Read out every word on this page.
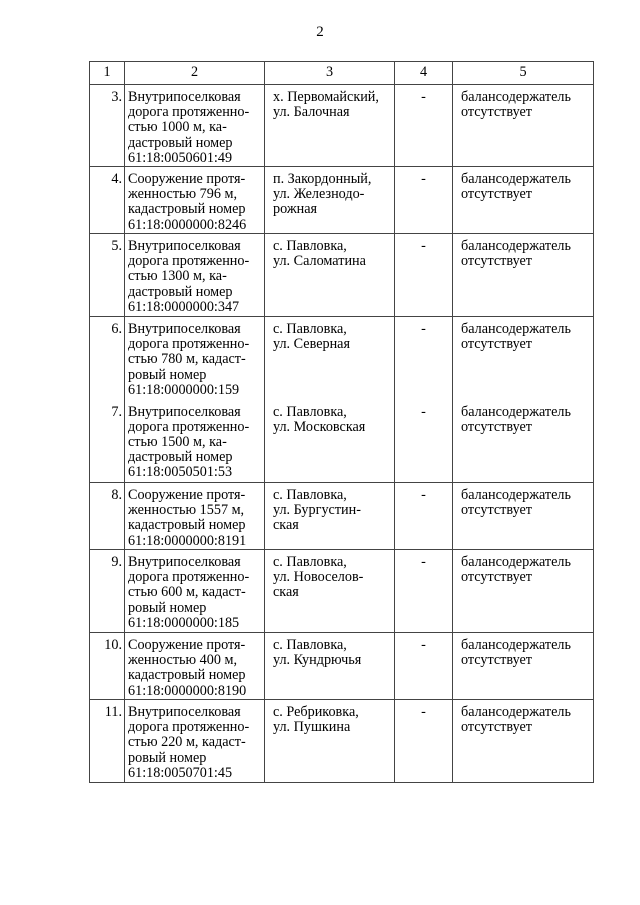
2
1	2	3	4	5
3.	Внутрипоселковая
дорога протяженно-
стью 1000 м, ка-
дастровый номер
61:18:0050601:49	х. Первомайский,
ул. Балочная	-	балансодержатель
отсутствует

4.	Сооружение протя-
женностью 796 м,
кадастровый номер
61:18:0000000:8246	п. Закордонный,
ул. Железнодо-
рожная	-	балансодержатель
отсутствует

5.	Внутрипоселковая
дорога протяженно-
стью 1300 м, ка-
дастровый номер
61:18:0000000:347	с. Павловка,
ул. Саломатина	-	балансодержатель
отсутствует

6.	Внутрипоселковая
дорога протяженно-
стью 780 м, кадаст-
ровый номер
61:18:0000000:159	с. Павловка,
ул. Северная	-	балансодержатель
отсутствует

7.	Внутрипоселковая
дорога протяженно-
стью 1500 м, ка-
дастровый номер
61:18:0050501:53	с. Павловка,
ул. Московская	-	балансодержатель
отсутствует

8.	Сооружение протя-
женностью 1557 м,
кадастровый номер
61:18:0000000:8191	с. Павловка,
ул. Бургустин-
ская	-	балансодержатель
отсутствует

9.	Внутрипоселковая
дорога протяженно-
стью 600 м, кадаст-
ровый номер
61:18:0000000:185	с. Павловка,
ул. Новоселов-
ская	-	балансодержатель
отсутствует

10.	Сооружение протя-
женностью 400 м,
кадастровый номер
61:18:0000000:8190	с. Павловка,
ул. Кундрючья	-	балансодержатель
отсутствует

11.	Внутрипоселковая
дорога протяженно-
стью 220 м, кадаст-
ровый номер
61:18:0050701:45	с. Ребриковка,
ул. Пушкина	-	балансодержатель
отсутствует
